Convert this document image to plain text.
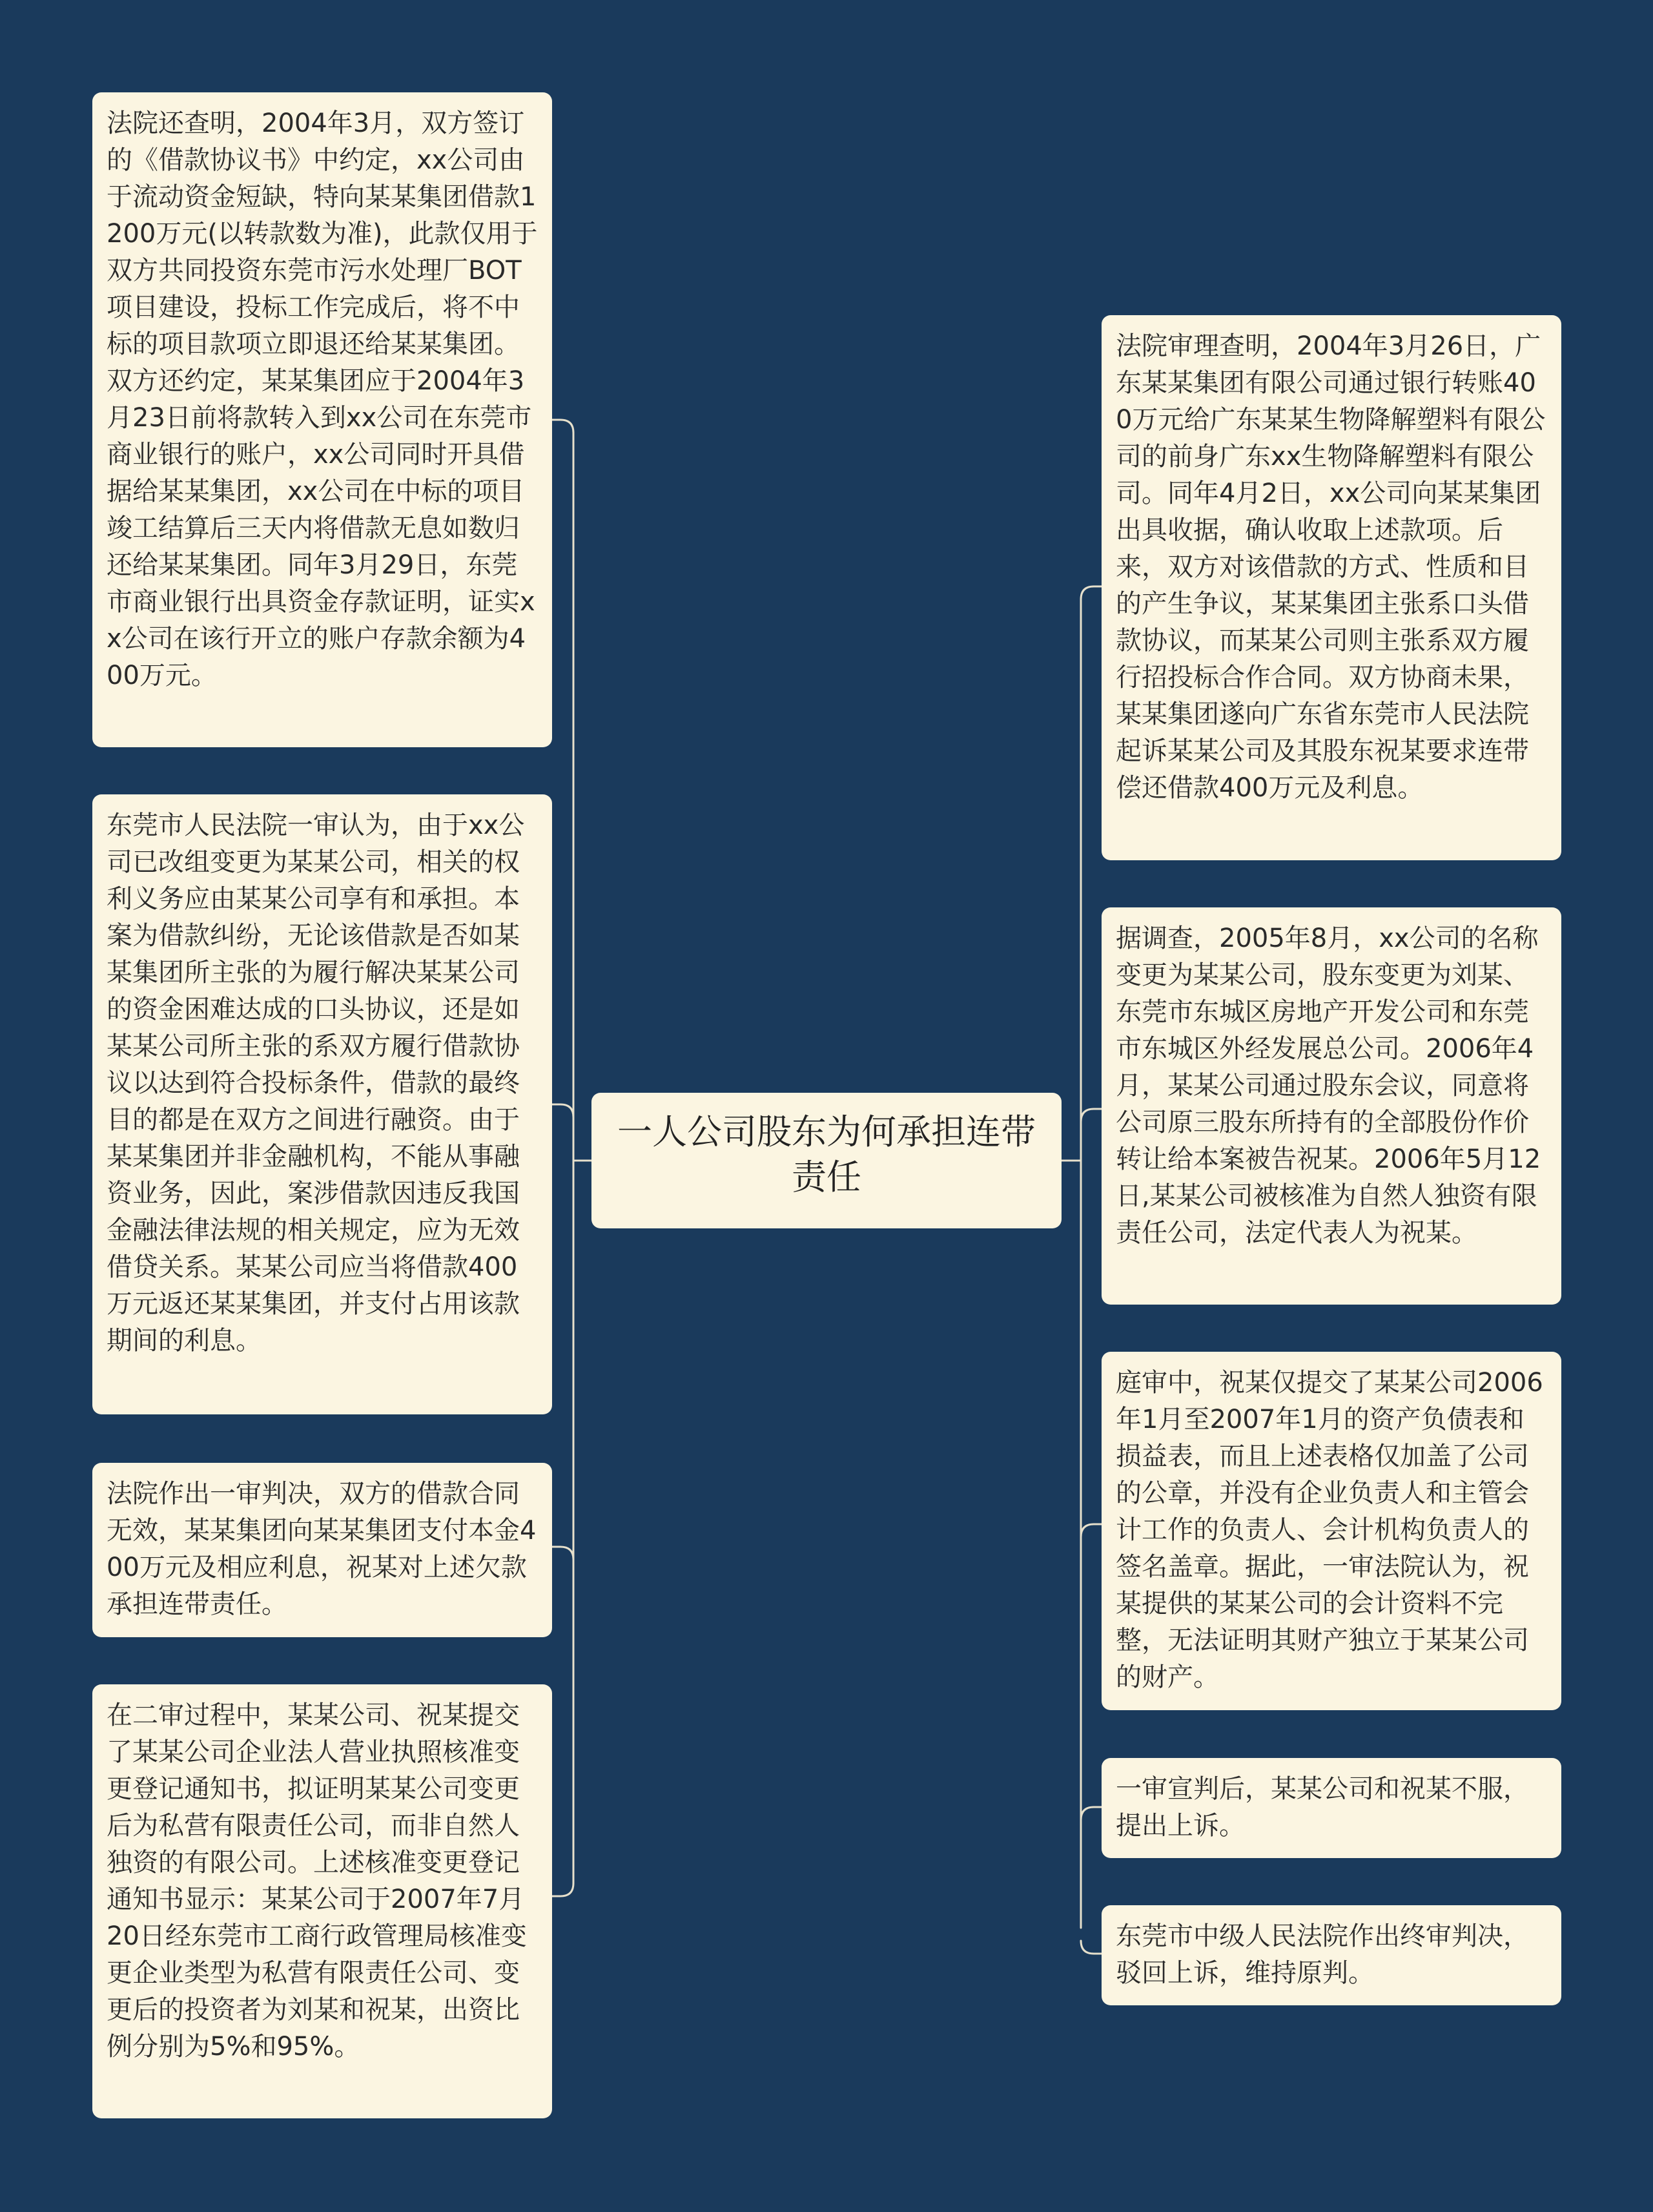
一人公司股东为何承担连带责任
法院还查明，2004年3月，双方签订的《借款协议书》中约定，xx公司由于流动资金短缺，特向某某集团借款1200万元(以转款数为准)，此款仅用于双方共同投资东莞市污水处理厂BOT项目建设，投标工作完成后，将不中标的项目款项立即退还给某某集团。双方还约定，某某集团应于2004年3月23日前将款转入到xx公司在东莞市商业银行的账户，xx公司同时开具借据给某某集团，xx公司在中标的项目竣工结算后三天内将借款无息如数归还给某某集团。同年3月29日，东莞市商业银行出具资金存款证明，证实xx公司在该行开立的账户存款余额为400万元。
东莞市人民法院一审认为，由于xx公司已改组变更为某某公司，相关的权利义务应由某某公司享有和承担。本案为借款纠纷，无论该借款是否如某某集团所主张的为履行解决某某公司的资金困难达成的口头协议，还是如某某公司所主张的系双方履行借款协议以达到符合投标条件，借款的最终目的都是在双方之间进行融资。由于某某集团并非金融机构，不能从事融资业务，因此，案涉借款因违反我国金融法律法规的相关规定，应为无效借贷关系。某某公司应当将借款400万元返还某某集团，并支付占用该款期间的利息。
法院作出一审判决，双方的借款合同无效，某某集团向某某集团支付本金400万元及相应利息，祝某对上述欠款承担连带责任。
在二审过程中，某某公司、祝某提交了某某公司企业法人营业执照核准变更登记通知书，拟证明某某公司变更后为私营有限责任公司，而非自然人独资的有限公司。上述核准变更登记通知书显示：某某公司于2007年7月20日经东莞市工商行政管理局核准变更企业类型为私营有限责任公司、变更后的投资者为刘某和祝某，出资比例分别为5%和95%。
法院审理查明，2004年3月26日，广东某某集团有限公司通过银行转账400万元给广东某某生物降解塑料有限公司的前身广东xx生物降解塑料有限公司。同年4月2日，xx公司向某某集团出具收据，确认收取上述款项。后来，双方对该借款的方式、性质和目的产生争议，某某集团主张系口头借款协议，而某某公司则主张系双方履行招投标合作合同。双方协商未果，某某集团遂向广东省东莞市人民法院起诉某某公司及其股东祝某要求连带偿还借款400万元及利息。
据调查，2005年8月，xx公司的名称变更为某某公司，股东变更为刘某、东莞市东城区房地产开发公司和东莞市东城区外经发展总公司。2006年4月，某某公司通过股东会议，同意将公司原三股东所持有的全部股份作价转让给本案被告祝某。2006年5月12日,某某公司被核准为自然人独资有限责任公司，法定代表人为祝某。
庭审中，祝某仅提交了某某公司2006年1月至2007年1月的资产负债表和损益表，而且上述表格仅加盖了公司的公章，并没有企业负责人和主管会计工作的负责人、会计机构负责人的签名盖章。据此，一审法院认为，祝某提供的某某公司的会计资料不完整，无法证明其财产独立于某某公司的财产。
一审宣判后，某某公司和祝某不服，提出上诉。
东莞市中级人民法院作出终审判决，驳回上诉，维持原判。
